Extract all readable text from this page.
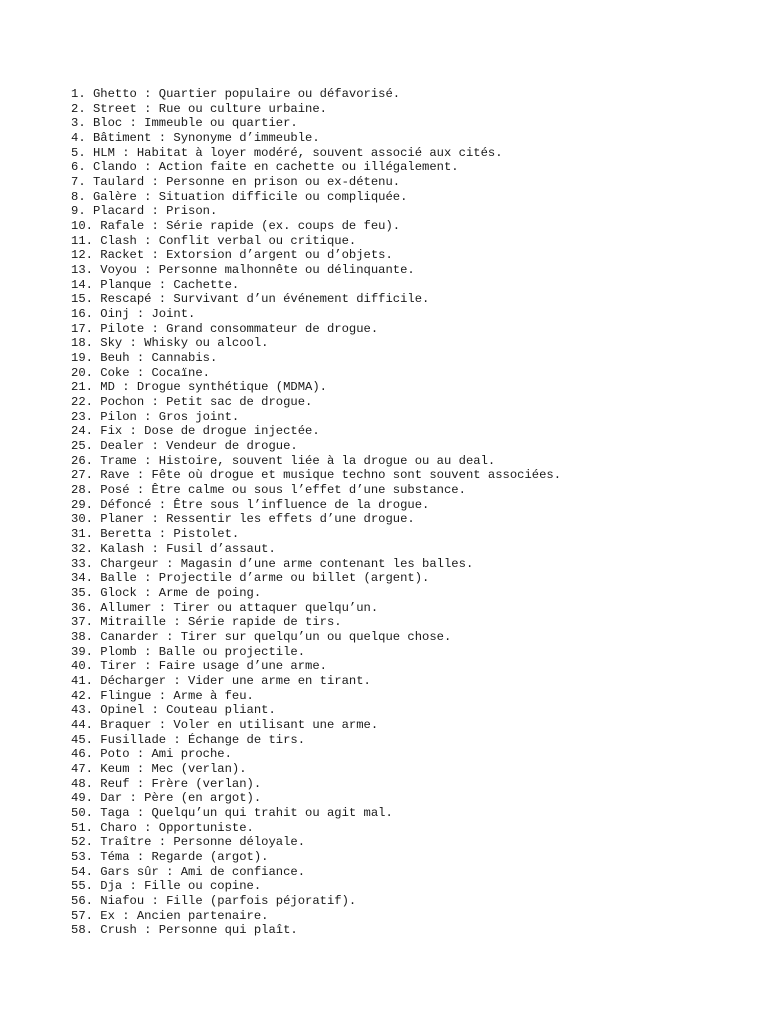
1. Ghetto : Quartier populaire ou défavorisé.
2. Street : Rue ou culture urbaine.
3. Bloc : Immeuble ou quartier.
4. Bâtiment : Synonyme d’immeuble.
5. HLM : Habitat à loyer modéré, souvent associé aux cités.
6. Clando : Action faite en cachette ou illégalement.
7. Taulard : Personne en prison ou ex-détenu.
8. Galère : Situation difficile ou compliquée.
9. Placard : Prison.
10. Rafale : Série rapide (ex. coups de feu).
11. Clash : Conflit verbal ou critique.
12. Racket : Extorsion d’argent ou d’objets.
13. Voyou : Personne malhonnête ou délinquante.
14. Planque : Cachette.
15. Rescapé : Survivant d’un événement difficile.
16. Oinj : Joint.
17. Pilote : Grand consommateur de drogue.
18. Sky : Whisky ou alcool.
19. Beuh : Cannabis.
20. Coke : Cocaïne.
21. MD : Drogue synthétique (MDMA).
22. Pochon : Petit sac de drogue.
23. Pilon : Gros joint.
24. Fix : Dose de drogue injectée.
25. Dealer : Vendeur de drogue.
26. Trame : Histoire, souvent liée à la drogue ou au deal.
27. Rave : Fête où drogue et musique techno sont souvent associées.
28. Posé : Être calme ou sous l’effet d’une substance.
29. Défoncé : Être sous l’influence de la drogue.
30. Planer : Ressentir les effets d’une drogue.
31. Beretta : Pistolet.
32. Kalash : Fusil d’assaut.
33. Chargeur : Magasin d’une arme contenant les balles.
34. Balle : Projectile d’arme ou billet (argent).
35. Glock : Arme de poing.
36. Allumer : Tirer ou attaquer quelqu’un.
37. Mitraille : Série rapide de tirs.
38. Canarder : Tirer sur quelqu’un ou quelque chose.
39. Plomb : Balle ou projectile.
40. Tirer : Faire usage d’une arme.
41. Décharger : Vider une arme en tirant.
42. Flingue : Arme à feu.
43. Opinel : Couteau pliant.
44. Braquer : Voler en utilisant une arme.
45. Fusillade : Échange de tirs.
46. Poto : Ami proche.
47. Keum : Mec (verlan).
48. Reuf : Frère (verlan).
49. Dar : Père (en argot).
50. Taga : Quelqu’un qui trahit ou agit mal.
51. Charo : Opportuniste.
52. Traître : Personne déloyale.
53. Téma : Regarde (argot).
54. Gars sûr : Ami de confiance.
55. Dja : Fille ou copine.
56. Niafou : Fille (parfois péjoratif).
57. Ex : Ancien partenaire.
58. Crush : Personne qui plaît.
